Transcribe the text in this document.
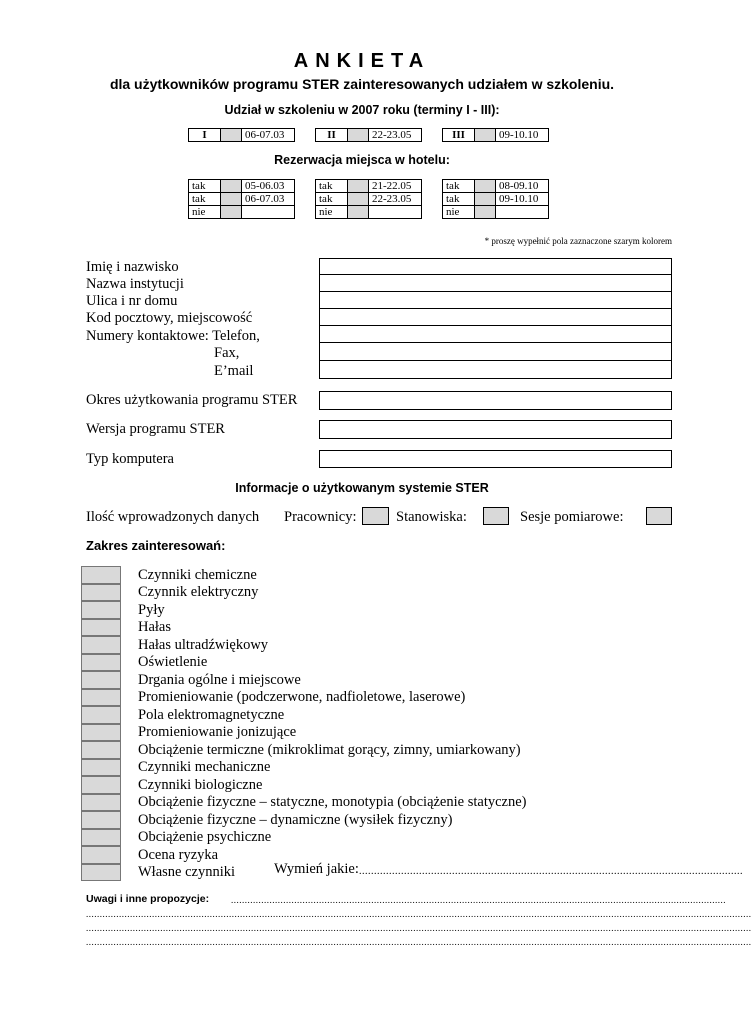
ANKIETA
dla użytkowników programu STER zainteresowanych udziałem w szkoleniu.
Udział w szkoleniu w 2007 roku (terminy I - III):
I		06-07.03	II		22-23.05	III		09-10.10
Rezerwacja miejsca w hotelu:
tak		05-06.03
tak		06-07.03
nie		
tak		21-22.05
tak		22-23.05
nie		
tak		08-09.10
tak		09-10.10
nie		
* proszę wypełnić pola zaznaczone szarym kolorem
Imię i nazwisko
Nazwa instytucji
Ulica i nr domu
Kod pocztowy, miejscowość
Numery kontaktowe: Telefon,
Fax,
E’mail
Okres użytkowania programu STER
Wersja programu STER
Typ komputera
Informacje o użytkowanym systemie STER
Ilość wprowadzonych danych Pracownicy:	Stanowiska:	Sesje pomiarowe:
Zakres zainteresowań:
Czynniki chemiczne
Czynnik elektryczny
Pyły
Hałas
Hałas ultradźwiękowy
Oświetlenie
Drgania ogólne i miejscowe
Promieniowanie (podczerwone, nadfioletowe, laserowe)
Pola elektromagnetyczne
Promieniowanie jonizujące
Obciążenie termiczne (mikroklimat gorący, zimny, umiarkowany)
Czynniki mechaniczne
Czynniki biologiczne
Obciążenie fizyczne – statyczne, monotypia (obciążenie statyczne)
Obciążenie fizyczne – dynamiczne (wysiłek fizyczny)
Obciążenie psychiczne
Ocena ryzyka
Własne czynniki	Wymień jakie: ................................................................................................................................
Uwagi i inne propozycje: ....................................................................................................................................................................................
..................................................................................................................................................................................................................................................
..................................................................................................................................................................................................................................................
..................................................................................................................................................................................................................................................
